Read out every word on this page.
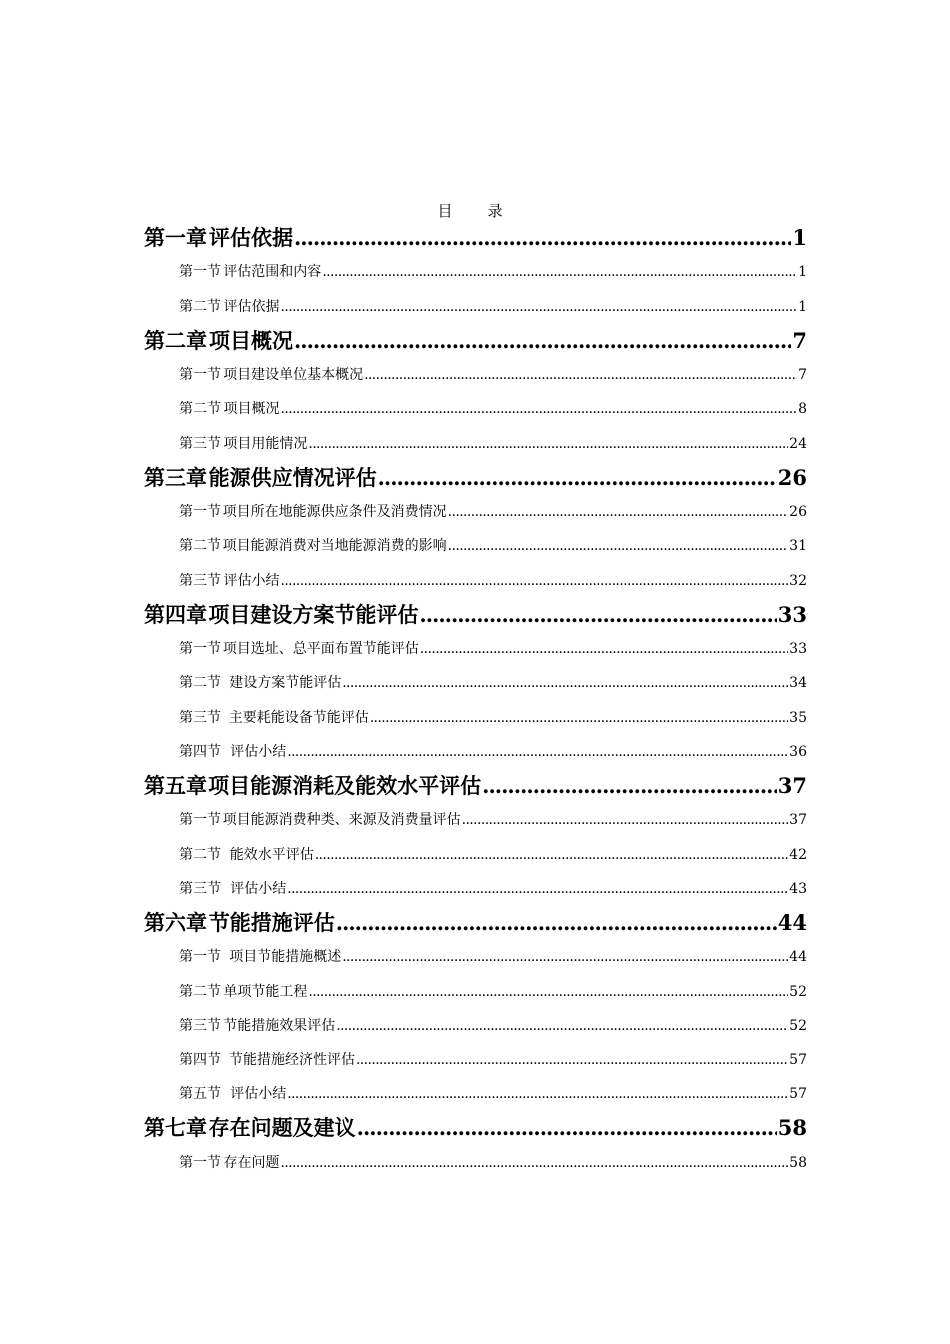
目　录
第一章 评估依据 .....	1
第一节 评估范围和内容 .....	1
第二节 评估依据 .....	1
第二章 项目概况 .....	7
第一节 项目建设单位基本概况 .....	7
第二节 项目概况 .....	8
第三节 项目用能情况 .....	24
第三章 能源供应情况评估 .....	26
第一节 项目所在地能源供应条件及消费情况 .....	26
第二节 项目能源消费对当地能源消费的影响 .....	31
第三节 评估小结 .....	32
第四章 项目建设方案节能评估 .....	33
第一节 项目选址、总平面布置节能评估 .....	33
第二节 建设方案节能评估 .....	34
第三节 主要耗能设备节能评估 .....	35
第四节 评估小结 .....	36
第五章 项目能源消耗及能效水平评估 .....	37
第一节 项目能源消费种类、来源及消费量评估 .....	37
第二节 能效水平评估 .....	42
第三节 评估小结 .....	43
第六章 节能措施评估 .....	44
第一节 项目节能措施概述 .....	44
第二节 单项节能工程 .....	52
第三节 节能措施效果评估 .....	52
第四节 节能措施经济性评估 .....	57
第五节 评估小结 .....	57
第七章 存在问题及建议 .....	58
第一节 存在问题 .....	58
